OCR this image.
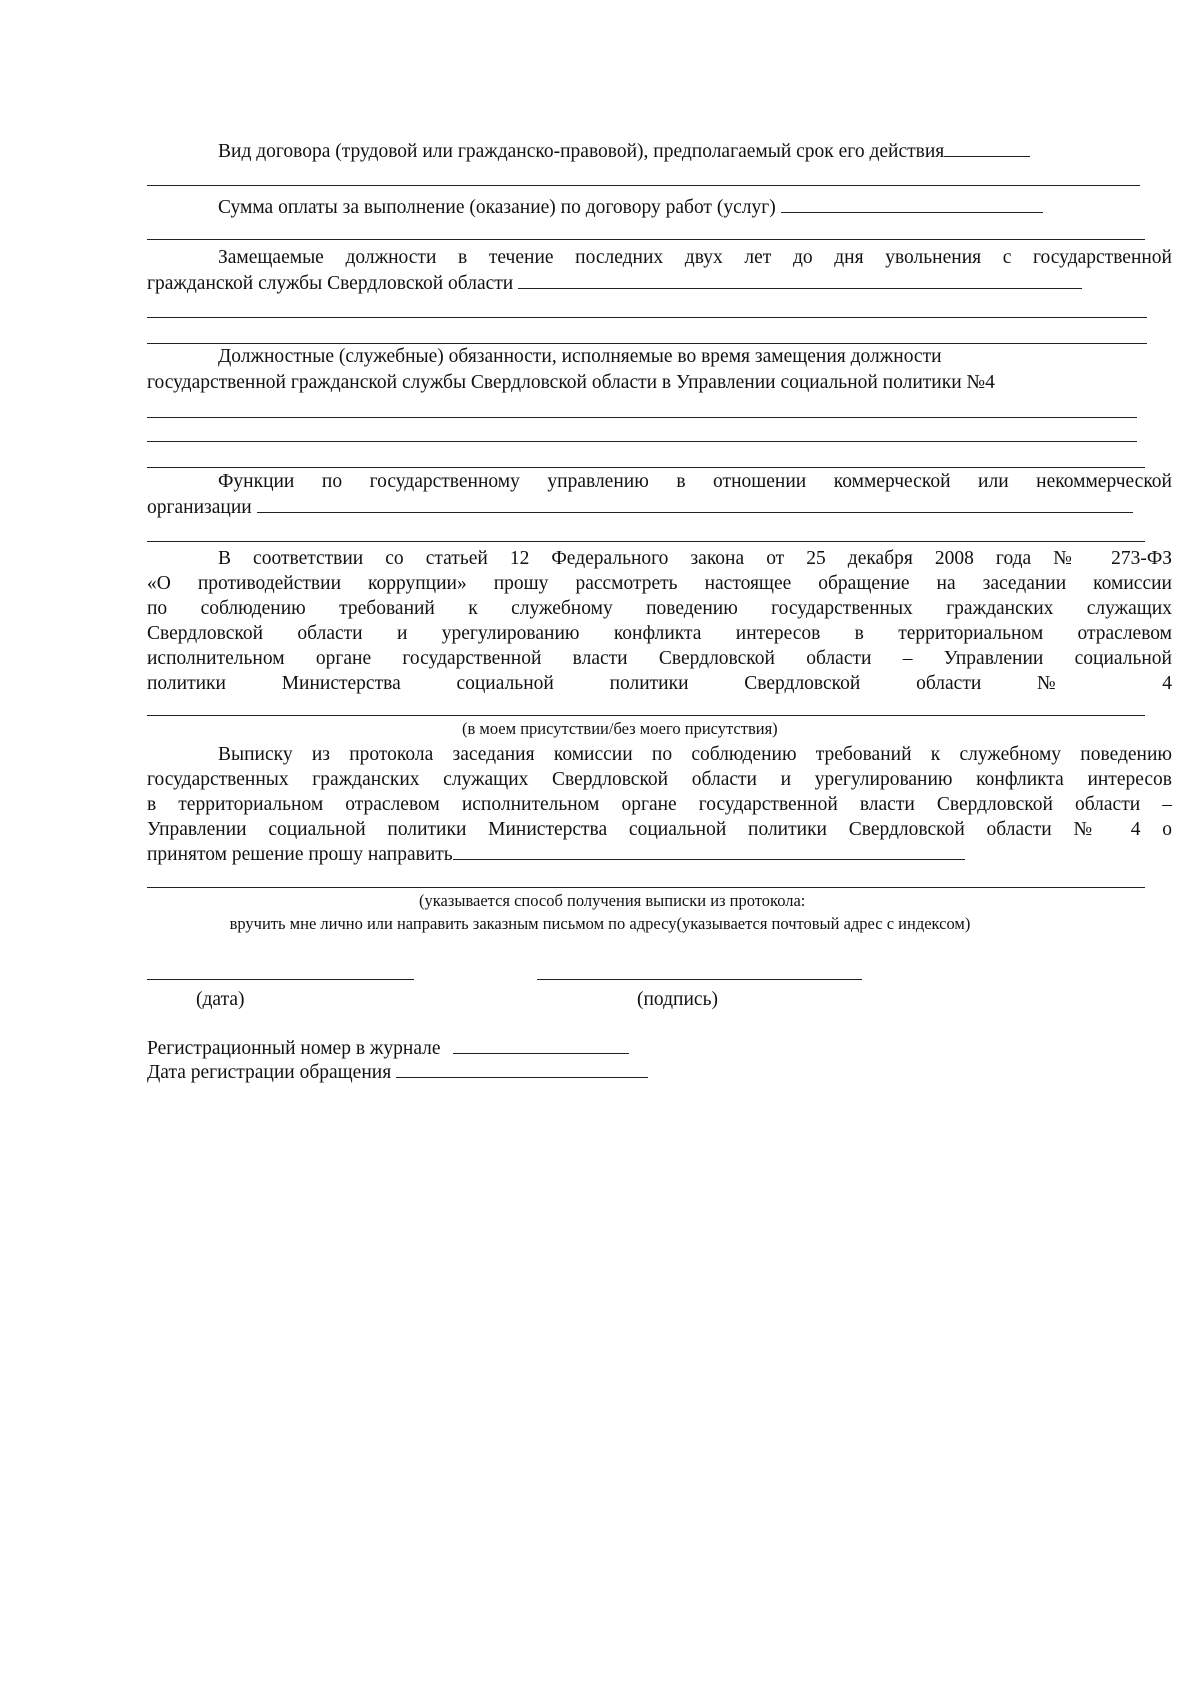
Вид договора (трудовой или гражданско-правовой), предполагаемый срок его действия
Сумма оплаты за выполнение (оказание) по договору работ (услуг)
Замещаемые должности в течение последних двух лет до дня увольнения с государственной
гражданской службы Свердловской области
Должностные (служебные) обязанности, исполняемые во время замещения должности
государственной гражданской службы Свердловской области в Управлении социальной политики №4
Функции по государственному управлению в отношении коммерческой или некоммерческой
организации
В соответствии со статьей 12 Федерального закона от 25 декабря 2008 года № 273-ФЗ
«О противодействии коррупции» прошу рассмотреть настоящее обращение на заседании комиссии
по соблюдению требований к служебному поведению государственных гражданских служащих
Свердловской области и урегулированию конфликта интересов в территориальном отраслевом
исполнительном органе государственной власти Свердловской области – Управлении социальной
политики Министерства социальной политики Свердловской области № 4
(в моем присутствии/без моего присутствия)
Выписку из протокола заседания комиссии по соблюдению требований к служебному поведению
государственных гражданских служащих Свердловской области и урегулированию конфликта интересов
в территориальном отраслевом исполнительном органе государственной власти Свердловской области –
Управлении социальной политики Министерства социальной политики Свердловской области № 4 о
принятом решение прошу направить
(указывается способ получения выписки из протокола:
вручить мне лично или направить заказным письмом по адресу(указывается почтовый адрес с индексом)
(дата)	(подпись)
Регистрационный номер в журнале
Дата регистрации обращения
